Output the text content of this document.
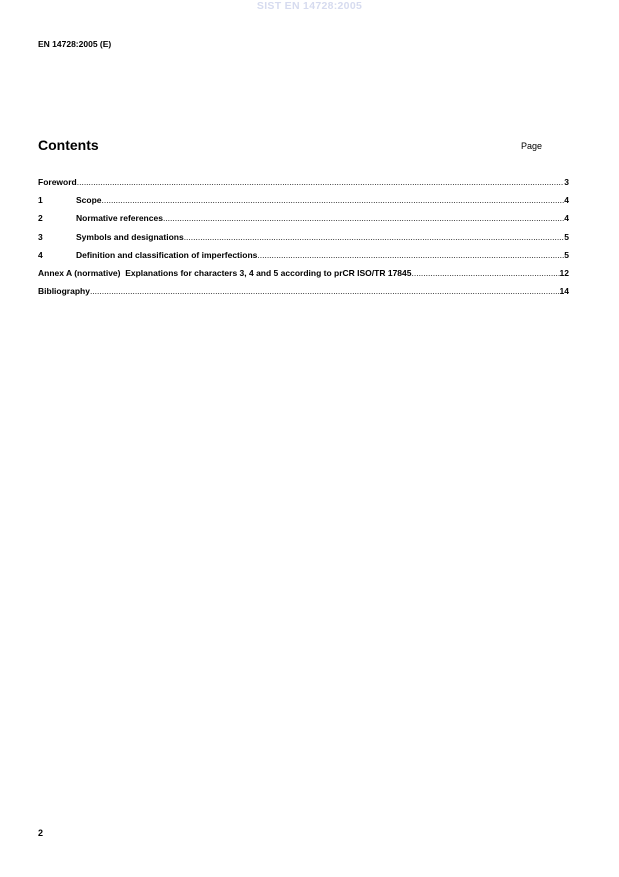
SIST EN 14728:2005
EN 14728:2005 (E)
Contents	Page
Foreword .....	3
1	Scope .....	4
2	Normative references .....	4
3	Symbols and designations .....	5
4	Definition and classification of imperfections .....	5
Annex A (normative)  Explanations for characters 3, 4 and 5 according to prCR ISO/TR 17845 .....	12
Bibliography .....	14
2
